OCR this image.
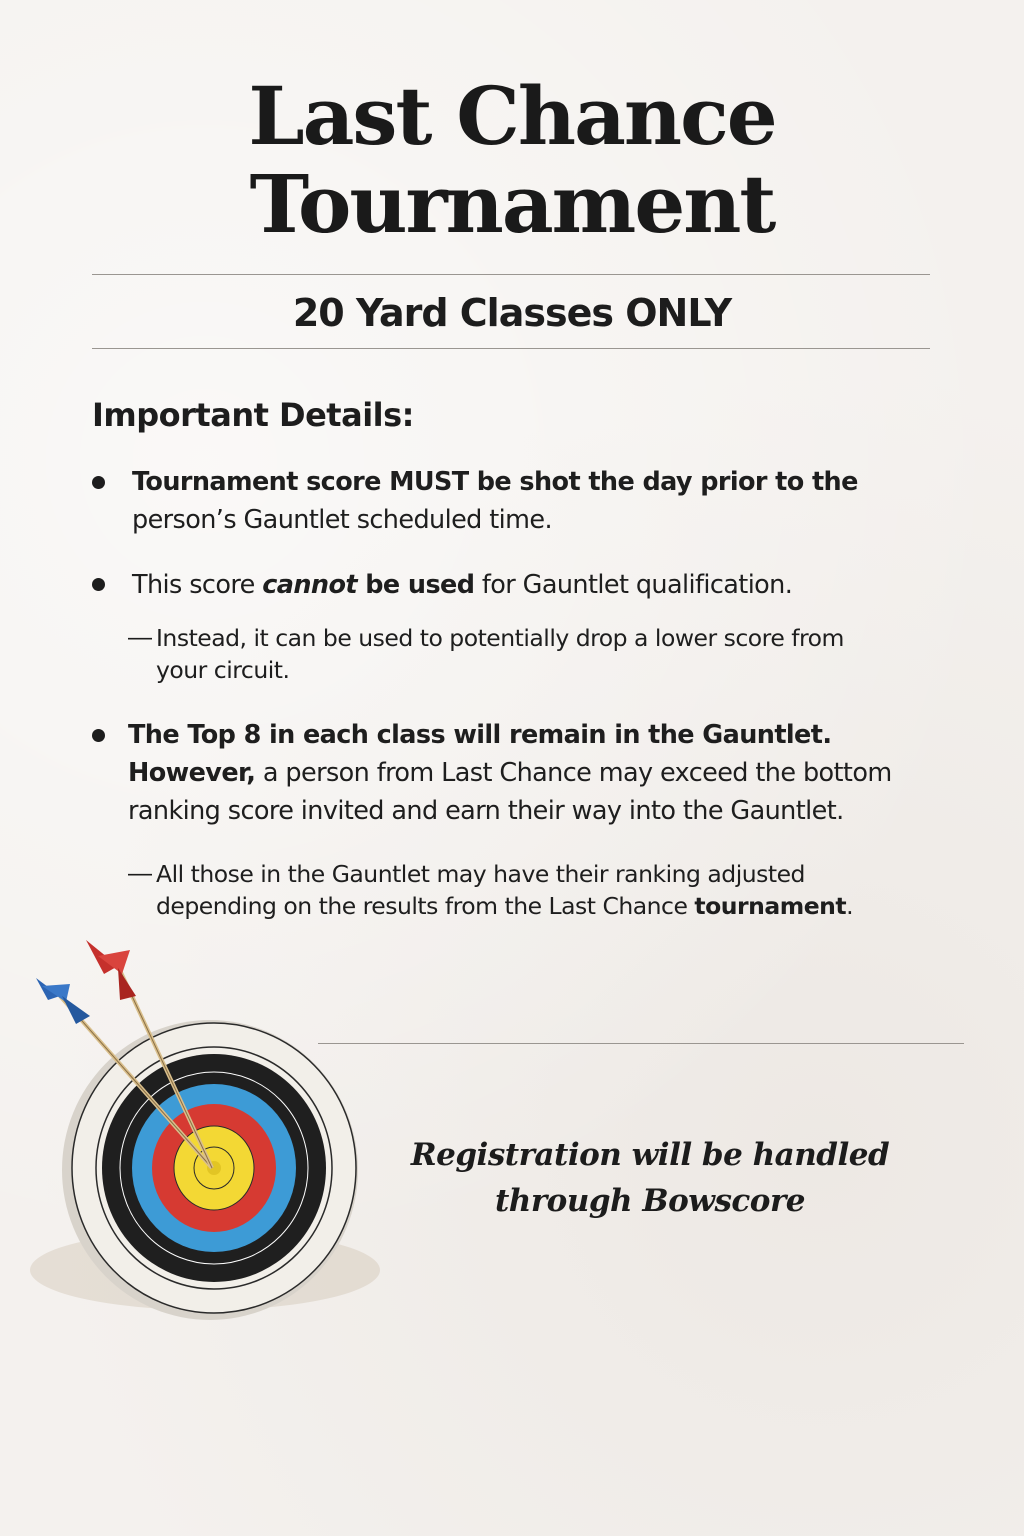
Last Chance
Tournament
20 Yard Classes ONLY
Important Details:
Tournament score MUST be shot the day prior to the
person’s Gauntlet scheduled time.
This score cannot be used for Gauntlet qualification.
— Instead, it can be used to potentially drop a lower score from
your circuit.
The Top 8 in each class will remain in the Gauntlet.
However, a person from Last Chance may exceed the bottom
ranking score invited and earn their way into the Gauntlet.
— All those in the Gauntlet may have their ranking adjusted
depending on the results from the Last Chance tournament.

Registration will be handled
through Bowscore
